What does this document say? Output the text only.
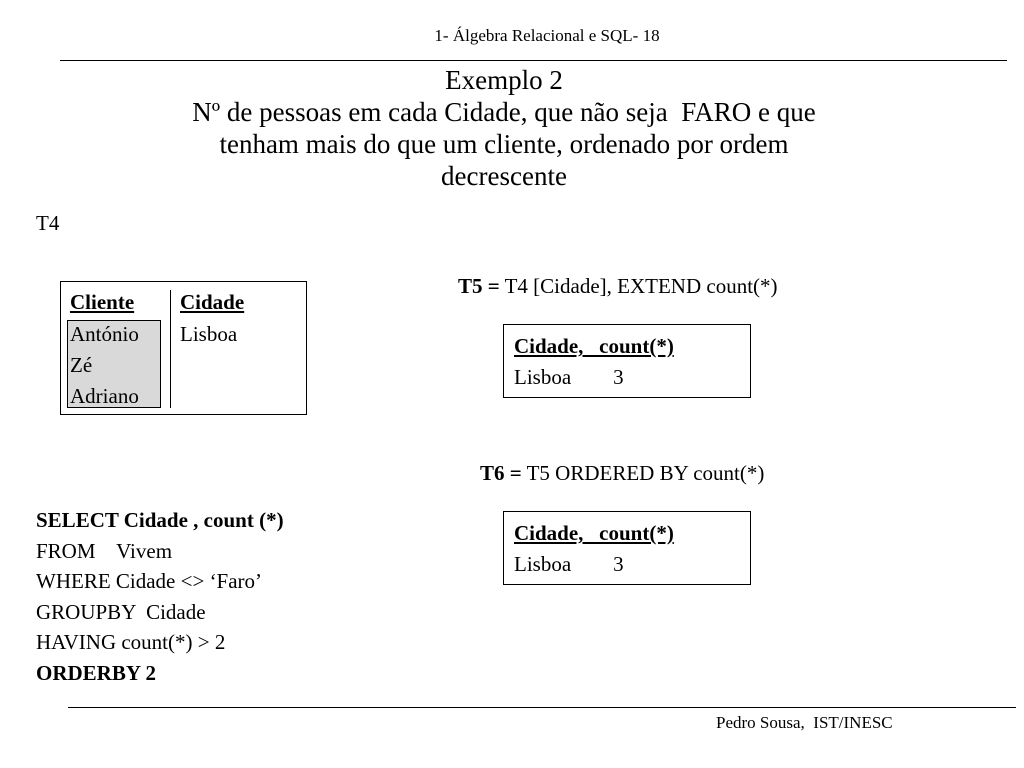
1- Álgebra Relacional e SQL- 18
Exemplo 2
Nº de pessoas em cada Cidade, que não seja  FARO e que
tenham mais do que um cliente, ordenado por ordem
decrescente
T4
Cliente Cidade
António
Zé
Adriano
Lisboa
T5 = T4 [Cidade], EXTEND count(*)
Cidade,   count(*)
Lisboa        3
T6 = T5 ORDERED BY count(*)
Cidade,   count(*)
Lisboa        3
SELECT Cidade , count (*)
FROM    Vivem
WHERE Cidade <> ‘Faro’
GROUPBY  Cidade
HAVING count(*) > 2
ORDERBY 2
Pedro Sousa,  IST/INESC
